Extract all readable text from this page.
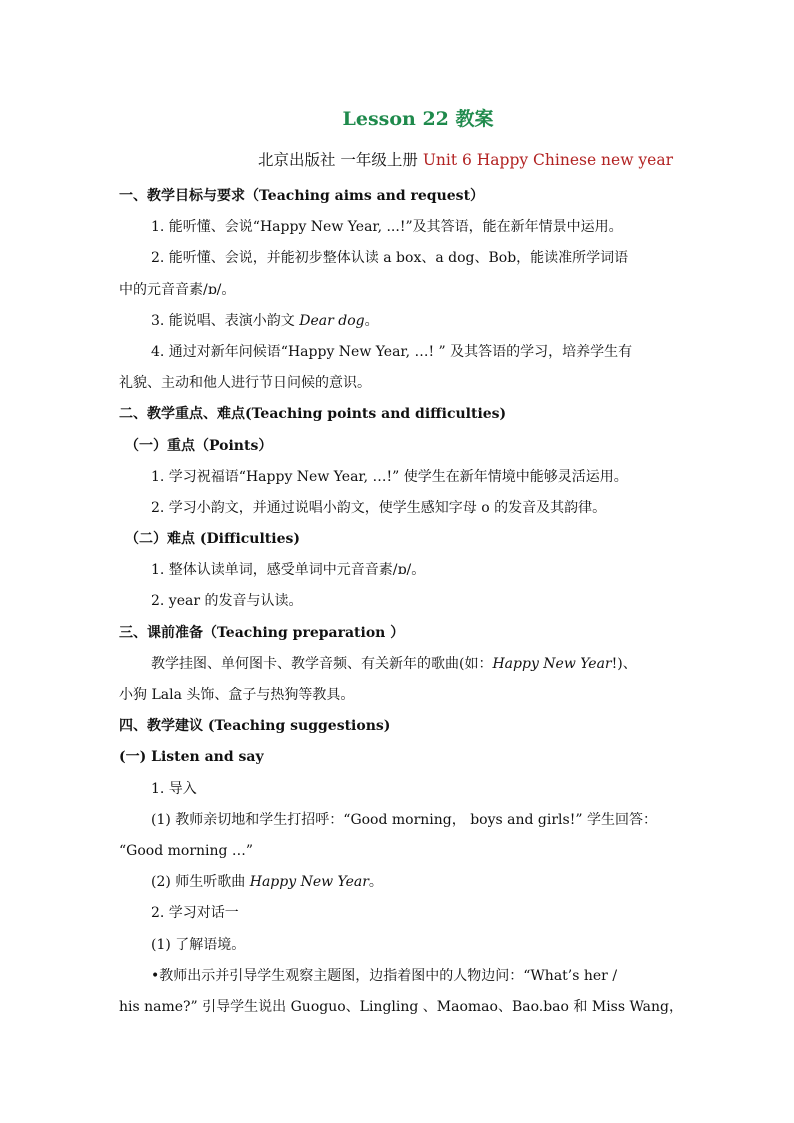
Lesson 22 教案
北京出版社 一年级上册 Unit 6 Happy Chinese new year
一、教学目标与要求（Teaching aims and request）
1. 能听懂、会说“Happy New Year, ...!”及其答语，能在新年情景中运用。
2. 能听懂、会说，并能初步整体认读 a box、a dog、Bob，能读准所学词语
中的元音音素/ɒ/。
3. 能说唱、表演小韵文 Dear dog。
4. 通过对新年问候语“Happy New Year, …! ” 及其答语的学习，培养学生有
礼貌、主动和他人进行节日问候的意识。
二、教学重点、难点(Teaching points and difficulties)
（一）重点（Points）
1. 学习祝福语“Happy New Year, …!” 使学生在新年情境中能够灵活运用。
2. 学习小韵文，并通过说唱小韵文，使学生感知字母 o 的发音及其韵律。
（二）难点 (Difficulties)
1. 整体认读单词，感受单词中元音音素/ɒ/。
2. year 的发音与认读。
三、课前准备（Teaching preparation ）
教学挂图、单何图卡、教学音频、有关新年的歌曲(如：Happy New Year!)、
小狗 Lala 头饰、盒子与热狗等教具。
四、教学建议 (Teaching suggestions)
(一) Listen and say
1. 导入
(1) 教师亲切地和学生打招呼：“Good morning， boys and girls!” 学生回答：
“Good morning …”
(2) 师生听歌曲 Happy New Year。
2. 学习对话一
(1) 了解语境。
•教师出示并引导学生观察主题图，边指着图中的人物边问：“What’s her /
his name?” 引导学生说出 Guoguo、Lingling 、Maomao、Bao.bao 和 Miss Wang，
